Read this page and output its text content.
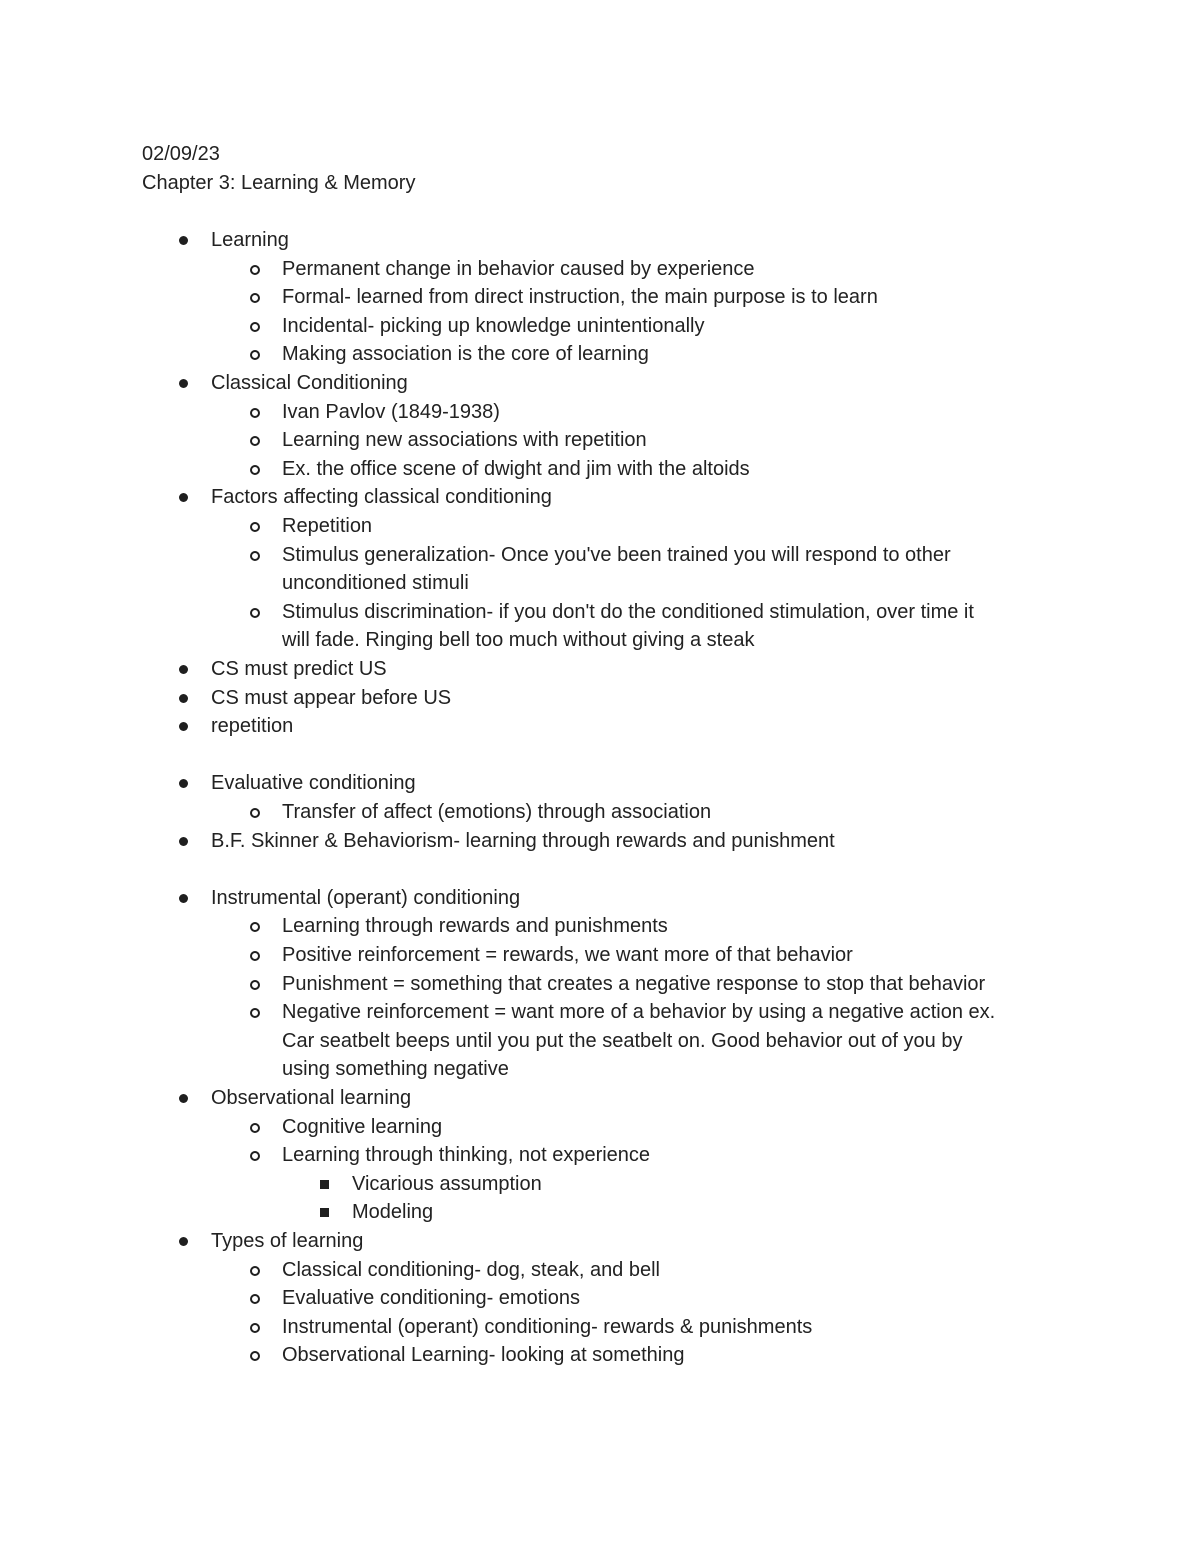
02/09/23
Chapter 3: Learning & Memory
Learning
Permanent change in behavior caused by experience
Formal- learned from direct instruction, the main purpose is to learn
Incidental- picking up knowledge unintentionally
Making association is the core of learning
Classical Conditioning
Ivan Pavlov (1849-1938)
Learning new associations with repetition
Ex. the office scene of dwight and jim with the altoids
Factors affecting classical conditioning
Repetition
Stimulus generalization- Once you've been trained you will respond to other
unconditioned stimuli
Stimulus discrimination- if you don't do the conditioned stimulation, over time it
will fade. Ringing bell too much without giving a steak
CS must predict US
CS must appear before US
repetition
Evaluative conditioning
Transfer of affect (emotions) through association
B.F. Skinner & Behaviorism- learning through rewards and punishment
Instrumental (operant) conditioning
Learning through rewards and punishments
Positive reinforcement = rewards, we want more of that behavior
Punishment = something that creates a negative response to stop that behavior
Negative reinforcement = want more of a behavior by using a negative action ex.
Car seatbelt beeps until you put the seatbelt on. Good behavior out of you by
using something negative
Observational learning
Cognitive learning
Learning through thinking, not experience
Vicarious assumption
Modeling
Types of learning
Classical conditioning- dog, steak, and bell
Evaluative conditioning- emotions
Instrumental (operant) conditioning- rewards & punishments
Observational Learning- looking at something
